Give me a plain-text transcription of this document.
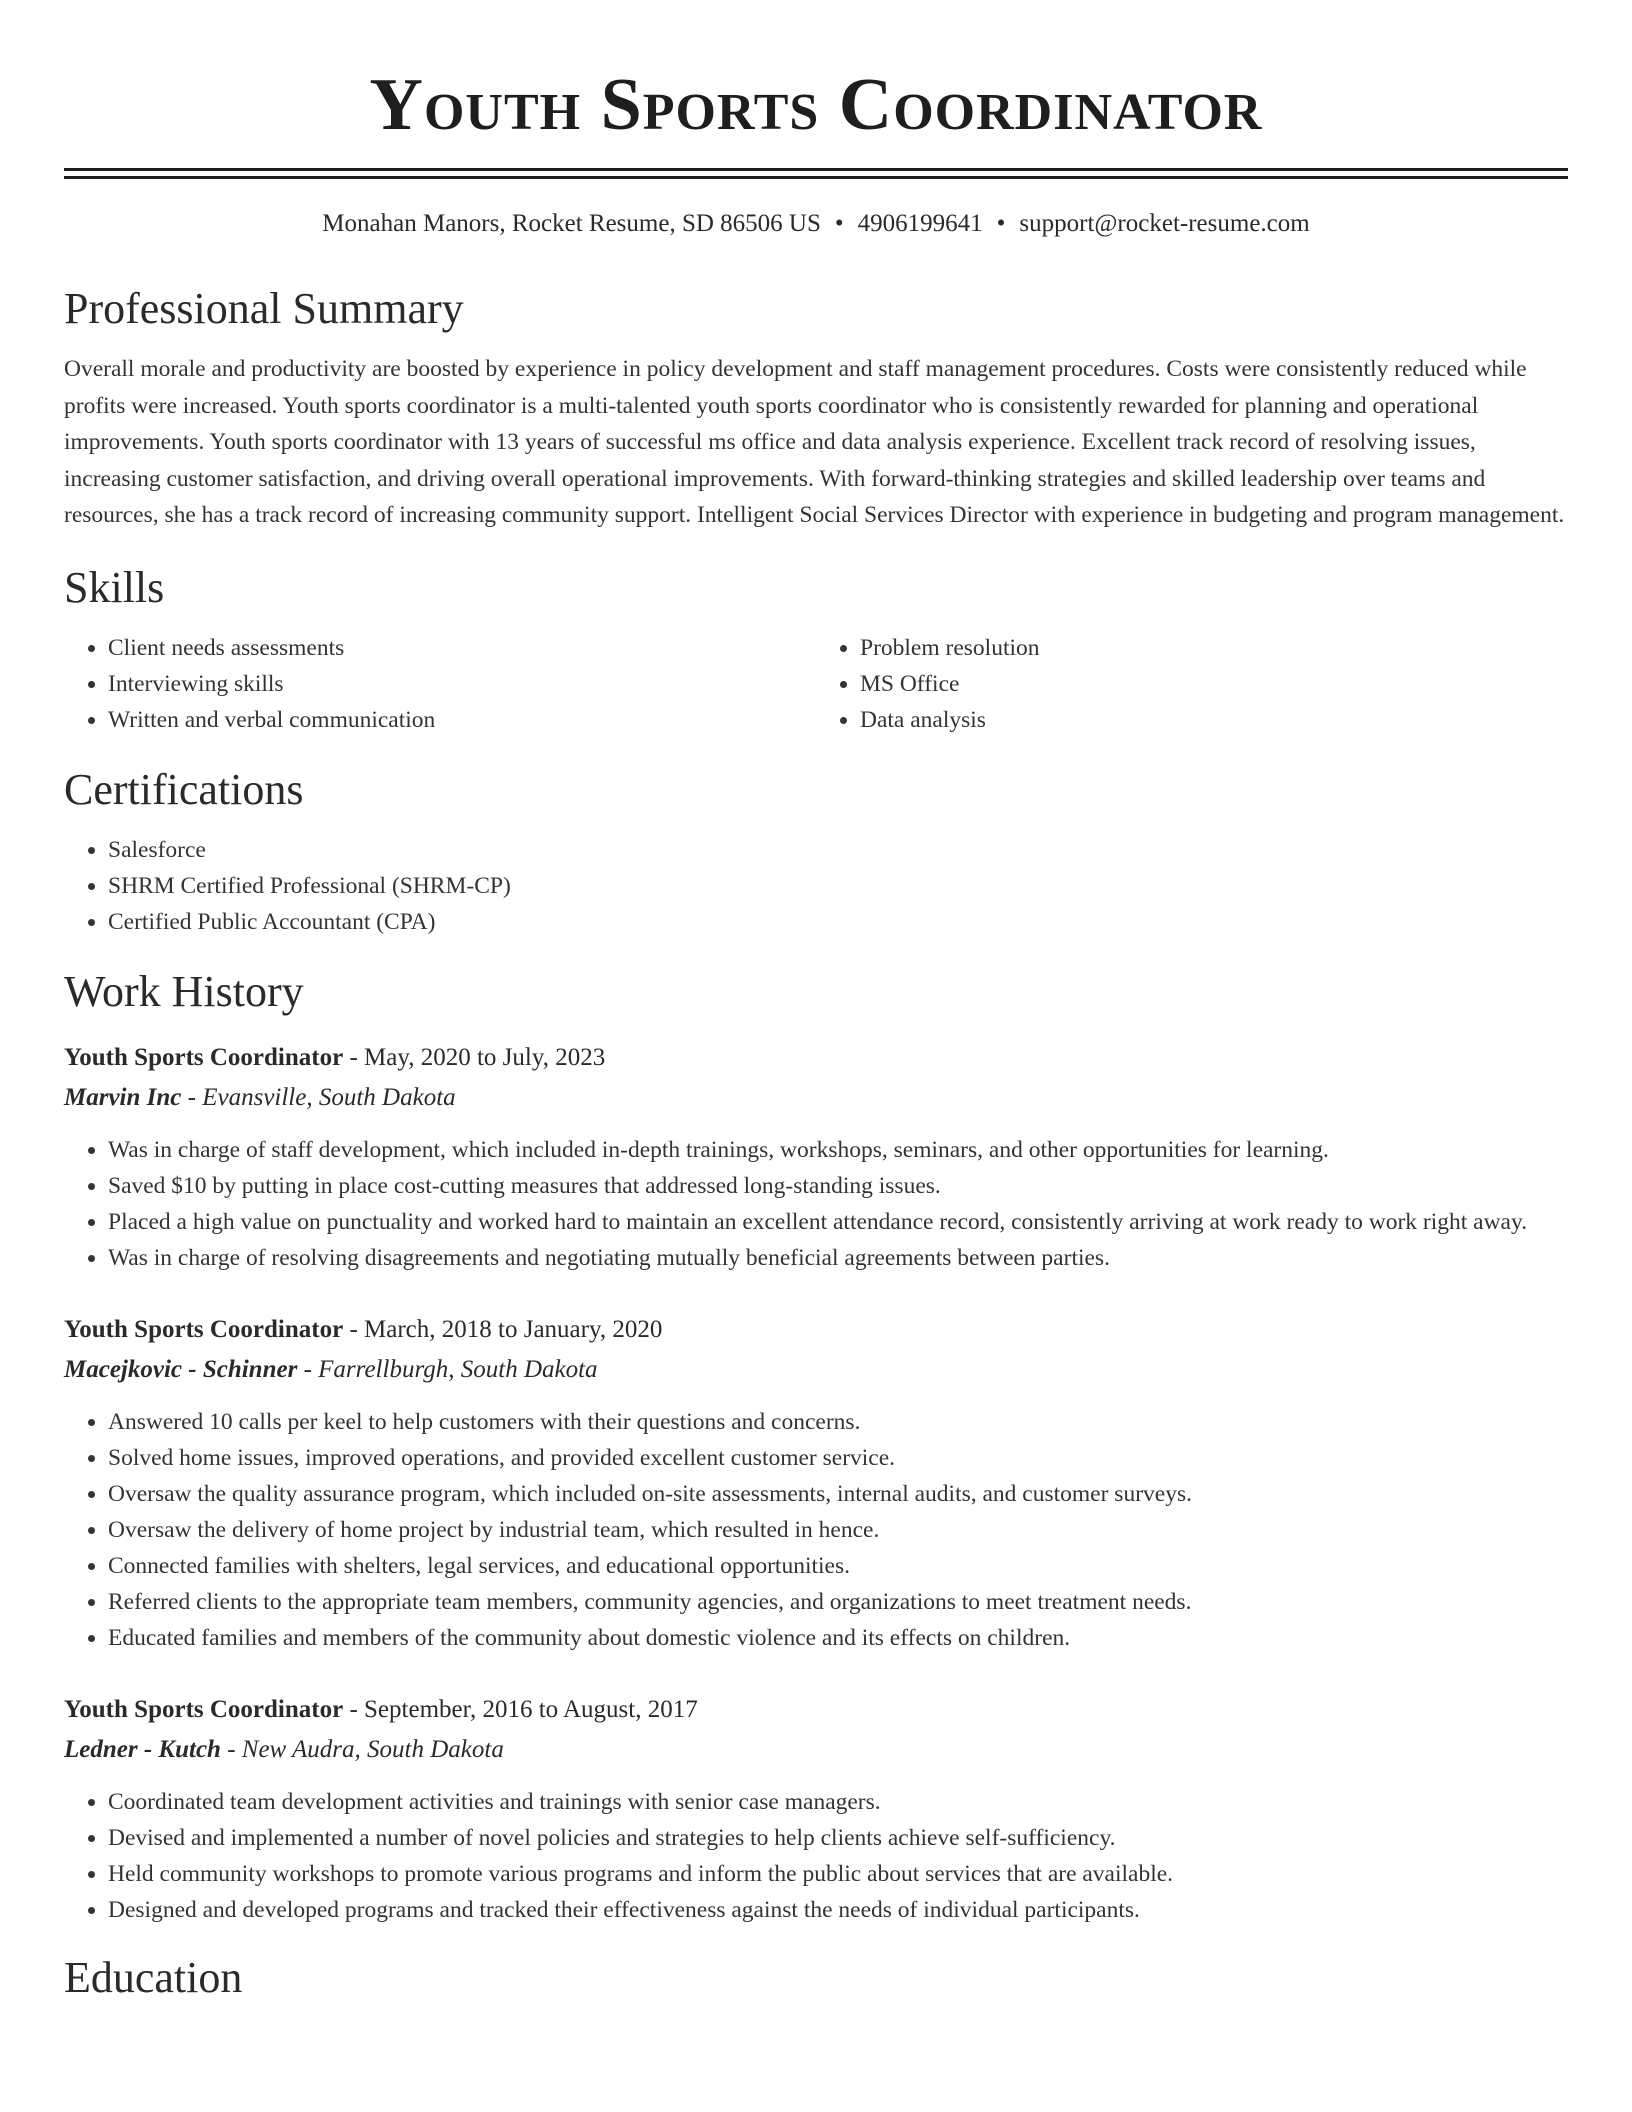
Youth Sports Coordinator
Monahan Manors, Rocket Resume, SD 86506 US • 4906199641 • support@rocket-resume.com
Professional Summary

Overall morale and productivity are boosted by experience in policy development and staff management procedures. Costs were consistently reduced while profits were increased. Youth sports coordinator is a multi-talented youth sports coordinator who is consistently rewarded for planning and operational improvements. Youth sports coordinator with 13 years of successful ms office and data analysis experience. Excellent track record of resolving issues, increasing customer satisfaction, and driving overall operational improvements. With forward-thinking strategies and skilled leadership over teams and resources, she has a track record of increasing community support. Intelligent Social Services Director with experience in budgeting and program management.

Skills
• Client needs assessments
• Interviewing skills
• Written and verbal communication
• Problem resolution
• MS Office
• Data analysis
Certifications
• Salesforce
• SHRM Certified Professional (SHRM-CP)
• Certified Public Accountant (CPA)
Work History
Youth Sports Coordinator - May, 2020 to July, 2023
Marvin Inc - Evansville, South Dakota
• Was in charge of staff development, which included in-depth trainings, workshops, seminars, and other opportunities for learning.
• Saved $10 by putting in place cost-cutting measures that addressed long-standing issues.
• Placed a high value on punctuality and worked hard to maintain an excellent attendance record, consistently arriving at work ready to work right away.
• Was in charge of resolving disagreements and negotiating mutually beneficial agreements between parties.
Youth Sports Coordinator - March, 2018 to January, 2020
Macejkovic - Schinner - Farrellburgh, South Dakota
• Answered 10 calls per keel to help customers with their questions and concerns.
• Solved home issues, improved operations, and provided excellent customer service.
• Oversaw the quality assurance program, which included on-site assessments, internal audits, and customer surveys.
• Oversaw the delivery of home project by industrial team, which resulted in hence.
• Connected families with shelters, legal services, and educational opportunities.
• Referred clients to the appropriate team members, community agencies, and organizations to meet treatment needs.
• Educated families and members of the community about domestic violence and its effects on children.
Youth Sports Coordinator - September, 2016 to August, 2017
Ledner - Kutch - New Audra, South Dakota
• Coordinated team development activities and trainings with senior case managers.
• Devised and implemented a number of novel policies and strategies to help clients achieve self-sufficiency.
• Held community workshops to promote various programs and inform the public about services that are available.
• Designed and developed programs and tracked their effectiveness against the needs of individual participants.
Education
